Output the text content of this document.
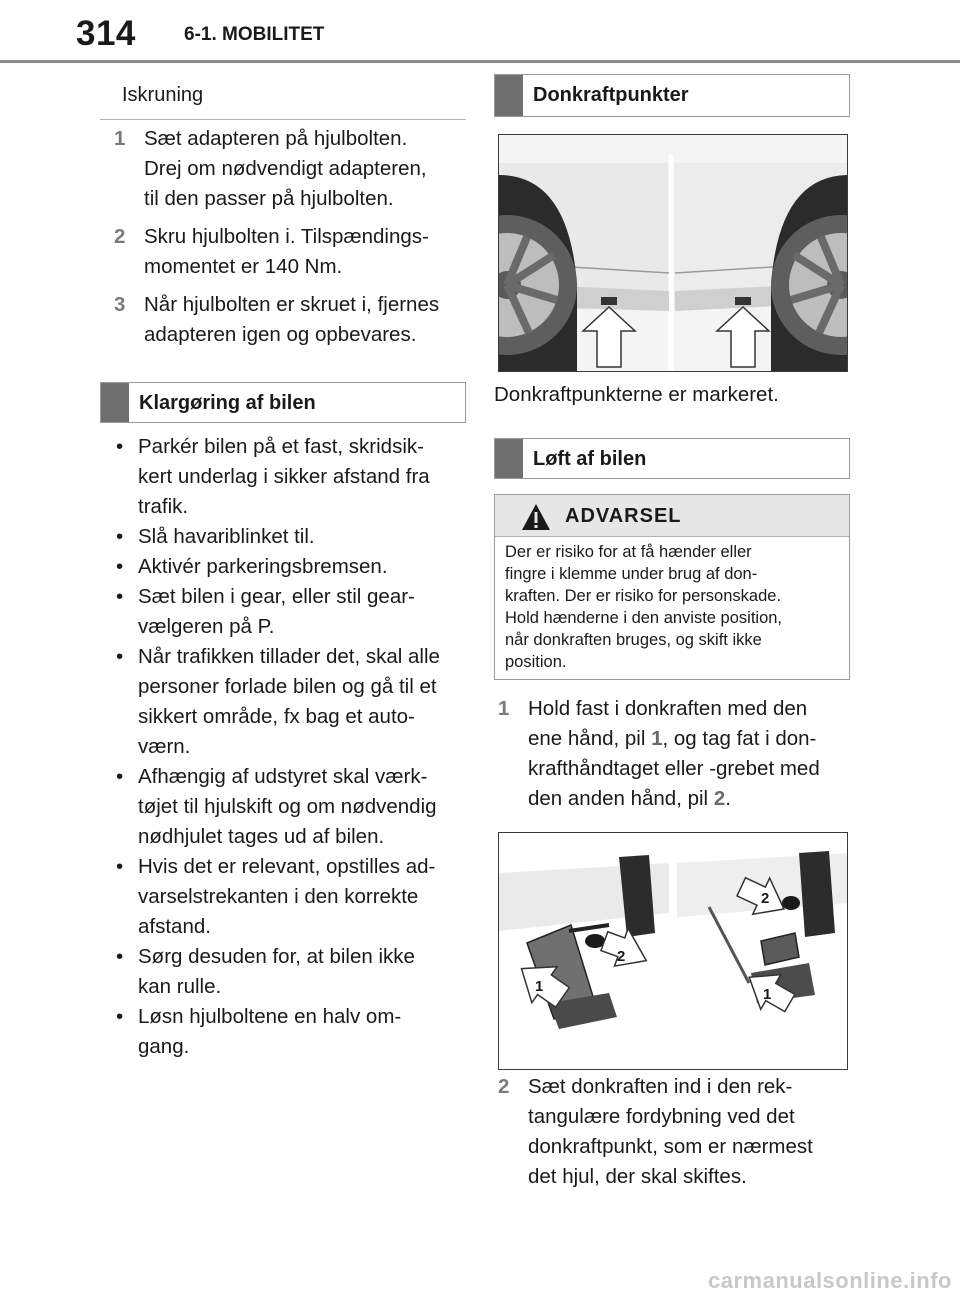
314	6-1. MOBILITET
Iskruning
1 Sæt adapteren på hjulbolten.
Drej om nødvendigt adapteren,
til den passer på hjulbolten.
2 Skru hjulbolten i. Tilspændings-
momentet er 140 Nm.
3 Når hjulbolten er skruet i, fjernes
adapteren igen og opbevares.
Klargøring af bilen
• Parkér bilen på et fast, skridsik-
kert underlag i sikker afstand fra
trafik.
• Slå havariblinket til.
• Aktivér parkeringsbremsen.
• Sæt bilen i gear, eller stil gear-
vælgeren på P.
• Når trafikken tillader det, skal alle
personer forlade bilen og gå til et
sikkert område, fx bag et auto-
værn.
• Afhængig af udstyret skal værk-
tøjet til hjulskift og om nødvendig
nødhjulet tages ud af bilen.
• Hvis det er relevant, opstilles ad-
varselstrekanten i den korrekte
afstand.
• Sørg desuden for, at bilen ikke
kan rulle.
• Løsn hjulboltene en halv om-
gang.
Donkraftpunkter
Donkraftpunkterne er markeret.
Løft af bilen
ADVARSEL
Der er risiko for at få hænder eller
fingre i klemme under brug af don-
kraften. Der er risiko for personskade.
Hold hænderne i den anviste position,
når donkraften bruges, og skift ikke
position.
1 Hold fast i donkraften med den
ene hånd, pil 1, og tag fat i don-
krafthåndtaget eller -grebet med
den anden hånd, pil 2.
1
2
2
1
2 Sæt donkraften ind i den rek-
tangulære fordybning ved det
donkraftpunkt, som er nærmest
det hjul, der skal skiftes.
carmanualsonline.info
